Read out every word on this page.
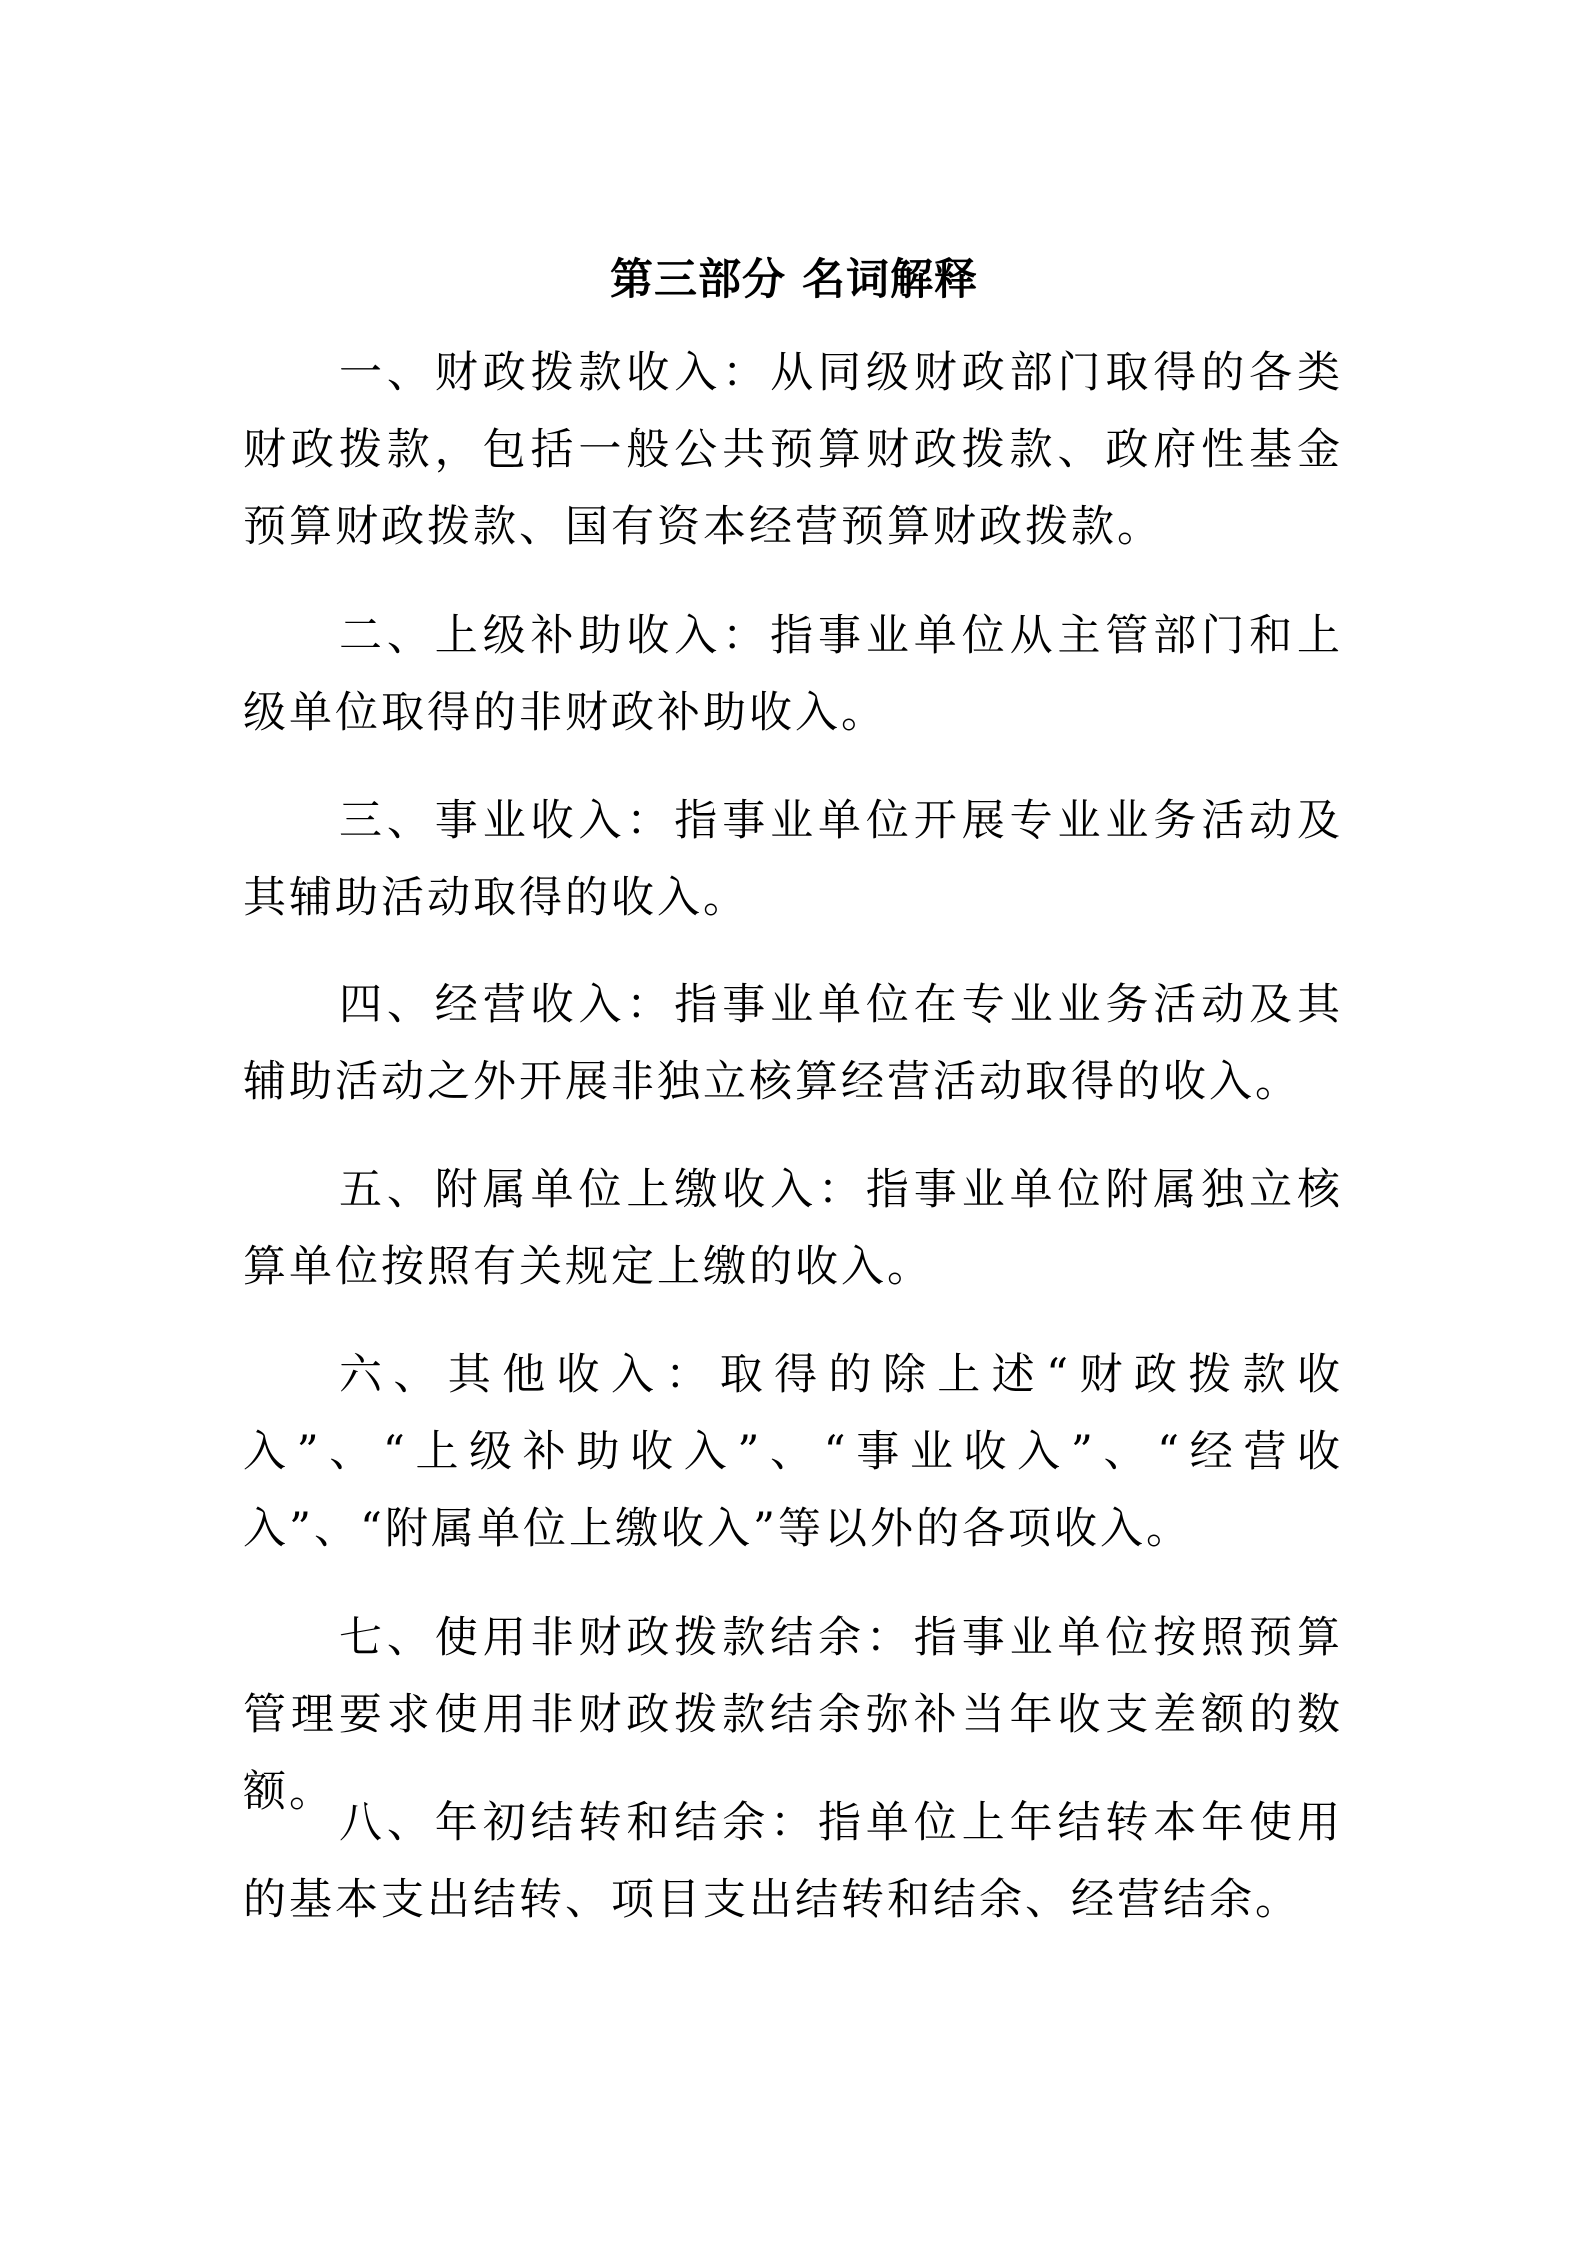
第三部分 名词解释

一、财政拨款收入：从同级财政部门取得的各类财政拨款，包括一般公共预算财政拨款、政府性基金预算财政拨款、国有资本经营预算财政拨款。

二、上级补助收入：指事业单位从主管部门和上级单位取得的非财政补助收入。

三、事业收入：指事业单位开展专业业务活动及其辅助活动取得的收入。

四、经营收入：指事业单位在专业业务活动及其辅助活动之外开展非独立核算经营活动取得的收入。

五、附属单位上缴收入：指事业单位附属独立核算单位按照有关规定上缴的收入。

六、其他收入：取得的除上述“财政拨款收入”、“上级补助收入”、“事业收入”、“经营收入”、“附属单位上缴收入”等以外的各项收入。

七、使用非财政拨款结余：指事业单位按照预算管理要求使用非财政拨款结余弥补当年收支差额的数额。

八、年初结转和结余：指单位上年结转本年使用的基本支出结转、项目支出结转和结余、经营结余。
